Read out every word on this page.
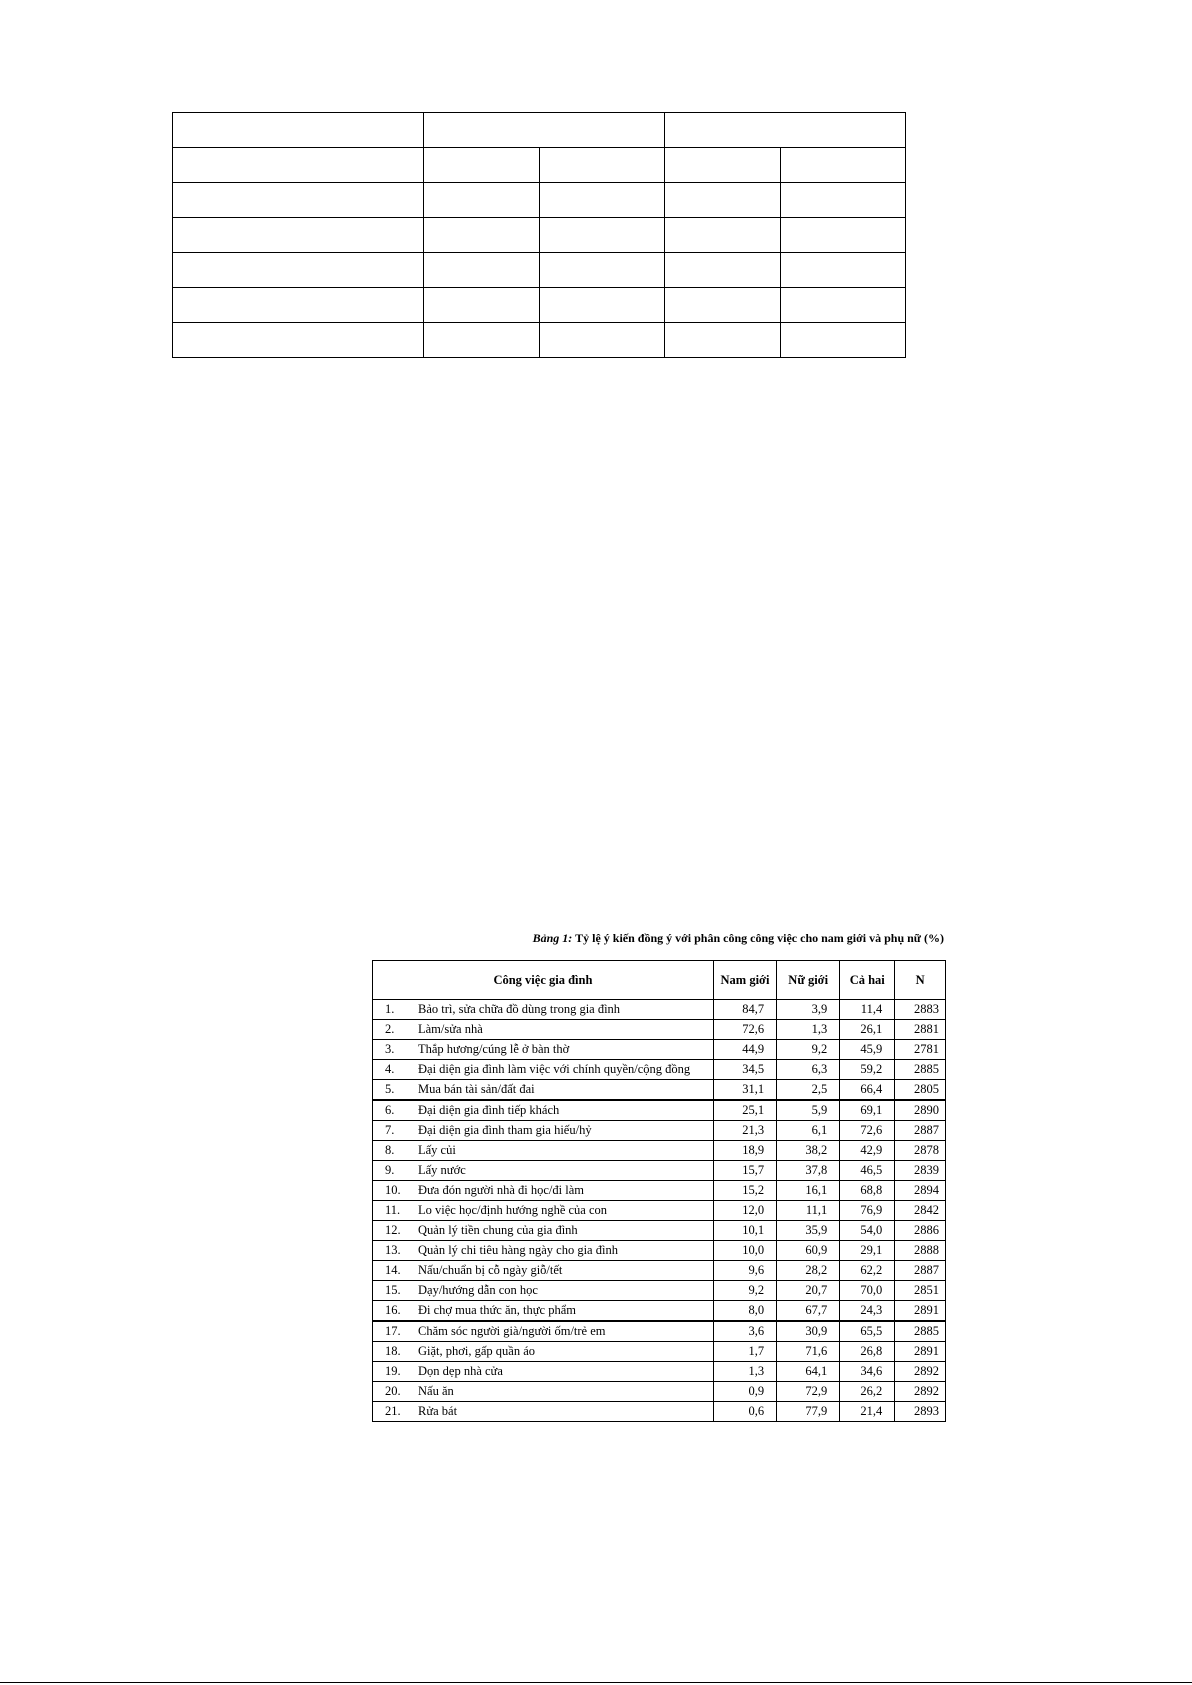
Bảng 1: Tỷ lệ ý kiến đồng ý với phân công công việc cho nam giới và phụ nữ (%)
Công việc gia đình	Nam giới	Nữ giới	Cả hai	N
1. Bảo trì, sửa chữa đồ dùng trong gia đình	84,7	3,9	11,4	2883
2. Làm/sửa nhà	72,6	1,3	26,1	2881
3. Thắp hương/cúng lễ ở bàn thờ	44,9	9,2	45,9	2781
4. Đại diện gia đình làm việc với chính quyền/cộng đồng	34,5	6,3	59,2	2885
5. Mua bán tài sản/đất đai	31,1	2,5	66,4	2805
6. Đại diện gia đình tiếp khách	25,1	5,9	69,1	2890
7. Đại diện gia đình tham gia hiếu/hỷ	21,3	6,1	72,6	2887
8. Lấy củi	18,9	38,2	42,9	2878
9. Lấy nước	15,7	37,8	46,5	2839
10. Đưa đón người nhà đi học/đi làm	15,2	16,1	68,8	2894
11. Lo việc học/định hướng nghề của con	12,0	11,1	76,9	2842
12. Quản lý tiền chung của gia đình	10,1	35,9	54,0	2886
13. Quản lý chi tiêu hàng ngày cho gia đình	10,0	60,9	29,1	2888
14. Nấu/chuẩn bị cỗ ngày giỗ/tết	9,6	28,2	62,2	2887
15. Dạy/hướng dẫn con học	9,2	20,7	70,0	2851
16. Đi chợ mua thức ăn, thực phẩm	8,0	67,7	24,3	2891
17. Chăm sóc người già/người ốm/trẻ em	3,6	30,9	65,5	2885
18. Giặt, phơi, gấp quần áo	1,7	71,6	26,8	2891
19. Dọn dẹp nhà cửa	1,3	64,1	34,6	2892
20. Nấu ăn	0,9	72,9	26,2	2892
21. Rửa bát	0,6	77,9	21,4	2893
